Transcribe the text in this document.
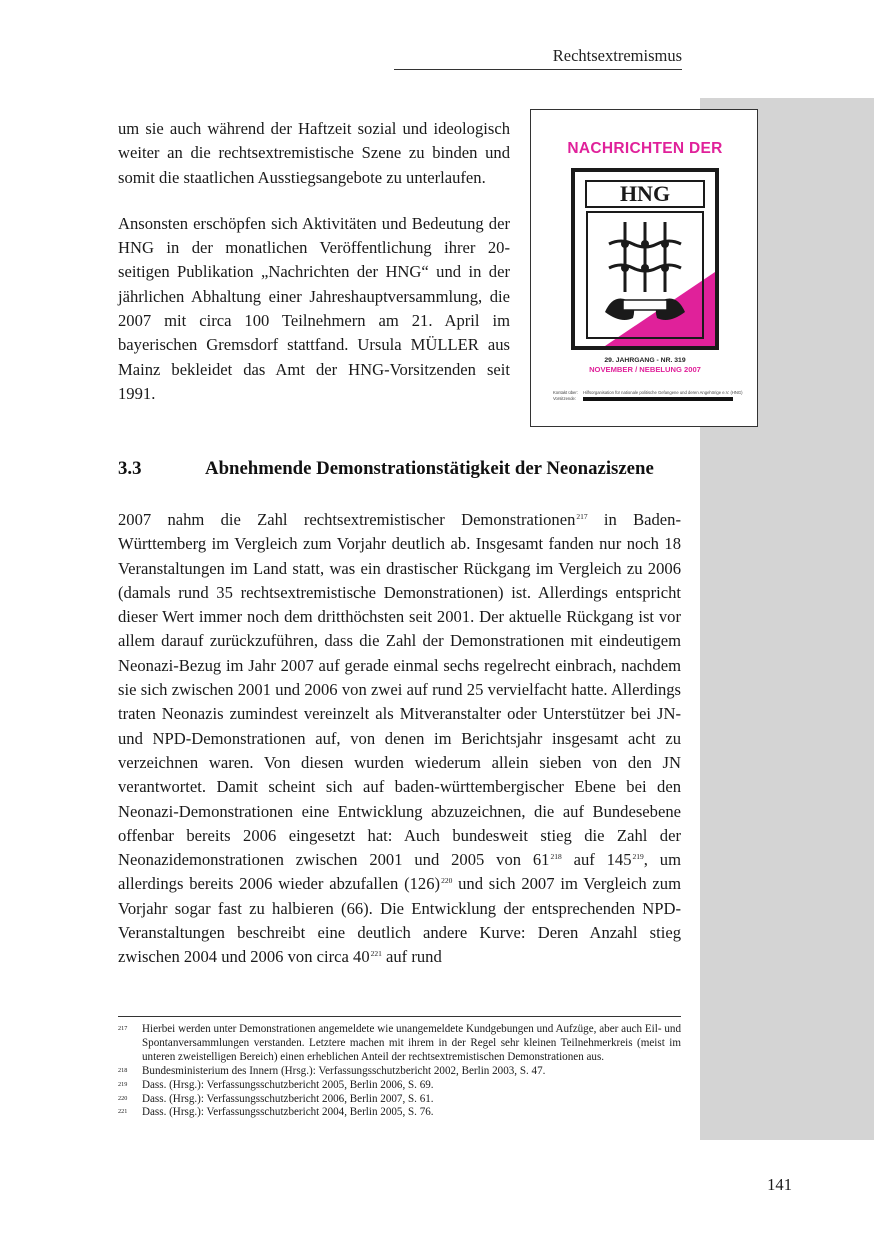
Rechtsextremismus

um sie auch während der Haftzeit sozial und ideologisch weiter an die rechtsextremistische Szene zu binden und somit die staatlichen Ausstiegsangebote zu unterlaufen.

Ansonsten erschöpfen sich Aktivitäten und Bedeutung der HNG in der monatlichen Veröffentlichung ihrer 20-seitigen Publikation „Nachrichten der HNG“ und in der jährlichen Abhaltung einer Jahreshauptversammlung, die 2007 mit circa 100 Teilnehmern am 21. April im bayerischen Gremsdorf stattfand. Ursula MÜLLER aus Mainz bekleidet das Amt der HNG-Vorsitzenden seit 1991.

NACHRICHTEN DER
HNG
29. JAHRGANG - NR. 319
NOVEMBER / NEBELUNG 2007
Kontakt über:	Hilfsorganisation für nationale politische Gefangene und deren Angehörige e.V. (HNG)
Vorsitzende:
3.3	Abnehmende Demonstrationstätigkeit der Neonaziszene

2007 nahm die Zahl rechtsextremistischer Demonstrationen$^{217}$ in Baden-Württemberg im Vergleich zum Vorjahr deutlich ab. Insgesamt fanden nur noch 18 Veranstaltungen im Land statt, was ein drastischer Rückgang im Vergleich zu 2006 (damals rund 35 rechtsextremistische Demonstrationen) ist. Allerdings entspricht dieser Wert immer noch dem dritthöchsten seit 2001. Der aktuelle Rückgang ist vor allem darauf zurückzuführen, dass die Zahl der Demonstrationen mit eindeutigem Neonazi-Bezug im Jahr 2007 auf gerade einmal sechs regelrecht einbrach, nachdem sie sich zwischen 2001 und 2006 von zwei auf rund 25 vervielfacht hatte. Allerdings traten Neonazis zumindest vereinzelt als Mitveranstalter oder Unterstützer bei JN- und NPD-Demonstrationen auf, von denen im Berichtsjahr insgesamt acht zu verzeichnen waren. Von diesen wurden wiederum allein sieben von den JN verantwortet. Damit scheint sich auf baden-württembergischer Ebene bei den Neonazi-Demonstrationen eine Entwicklung abzuzeichnen, die auf Bundesebene offenbar bereits 2006 eingesetzt hat: Auch bundesweit stieg die Zahl der Neonazidemonstrationen zwischen 2001 und 2005 von $61^{218}$ auf $145^{219}$, um allerdings bereits 2006 wieder abzufallen $(126)^{220}$ und sich 2007 im Vergleich zum Vorjahr sogar fast zu halbieren (66). Die Entwicklung der entsprechenden NPD-Veranstaltungen beschreibt eine deutlich andere Kurve: Deren Anzahl stieg zwischen 2004 und 2006 von circa $40^{221}$ auf rund

217	Hierbei werden unter Demonstrationen angemeldete wie unangemeldete Kundgebungen und Aufzüge, aber auch Eil- und Spontanversammlungen verstanden. Letztere machen mit ihrem in der Regel sehr kleinen Teilnehmerkreis (meist im unteren zweistelligen Bereich) einen erheblichen Anteil der rechtsextremistischen Demonstrationen aus.
218	Bundesministerium des Innern (Hrsg.): Verfassungsschutzbericht 2002, Berlin 2003, S. 47.
219	Dass. (Hrsg.): Verfassungsschutzbericht 2005, Berlin 2006, S. 69.
220	Dass. (Hrsg.): Verfassungsschutzbericht 2006, Berlin 2007, S. 61.
221	Dass. (Hrsg.): Verfassungsschutzbericht 2004, Berlin 2005, S. 76.
141
